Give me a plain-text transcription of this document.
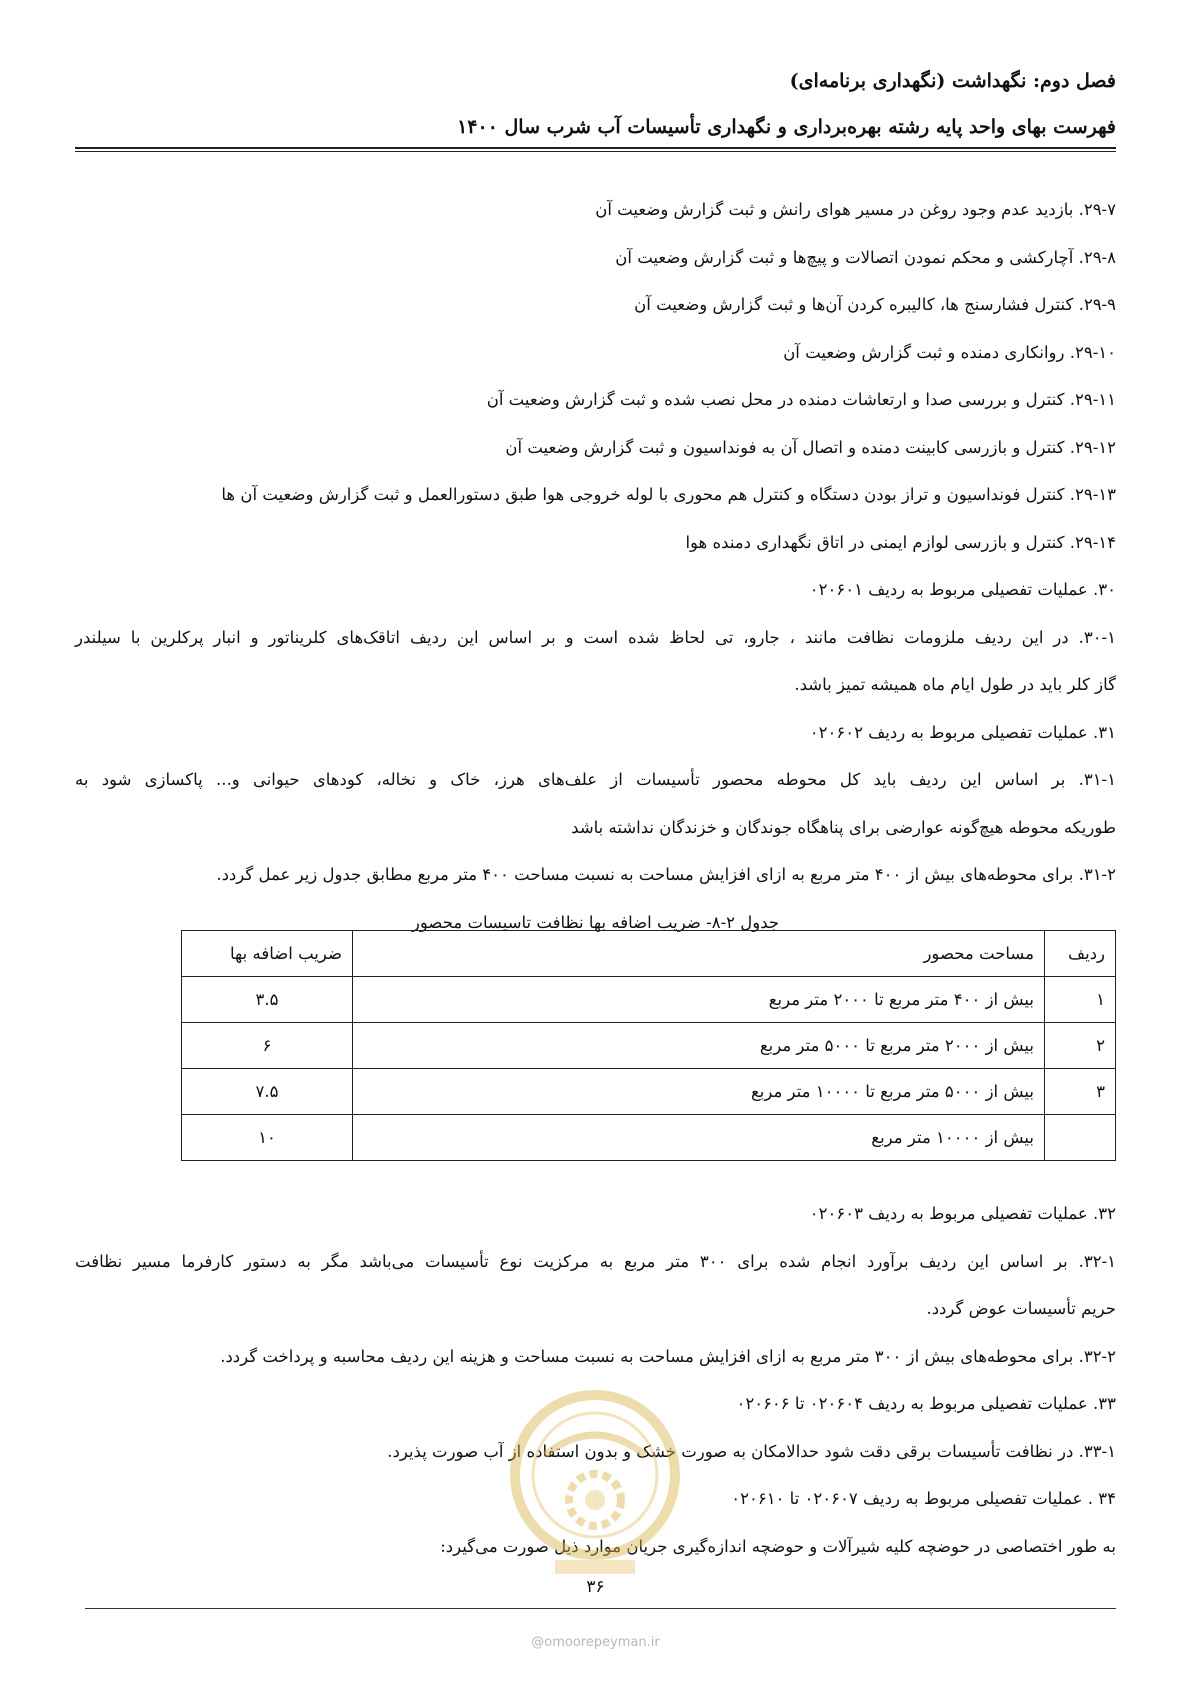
فصل دوم: نگهداشت (نگهداری برنامه‌ای)
فهرست بهای واحد پایه رشته بهره‌برداری و نگهداری تأسیسات آب شرب سال ۱۴۰۰
۲۹-۷. بازدید عدم وجود روغن در مسیر هوای رانش و ثبت گزارش وضعیت آن
۲۹-۸. آچارکشی و محکم نمودن اتصالات و پیچ‌ها و ثبت گزارش وضعیت آن
۲۹-۹. کنترل فشارسنج ها، کالیبره کردن آن‌ها و ثبت گزارش وضعیت آن
۲۹-۱۰. روانکاری دمنده و ثبت گزارش وضعیت آن
۲۹-۱۱. کنترل و بررسی صدا و ارتعاشات دمنده در محل نصب شده و ثبت گزارش وضعیت آن
۲۹-۱۲. کنترل و بازرسی کابینت دمنده و اتصال آن به فونداسیون و ثبت گزارش وضعیت آن
۲۹-۱۳. کنترل فونداسیون و تراز بودن دستگاه و کنترل هم محوری با لوله خروجی هوا طبق دستورالعمل و ثبت گزارش وضعیت آن ها
۲۹-۱۴. کنترل و بازرسی لوازم ایمنی در اتاق نگهداری دمنده هوا
۳۰. عملیات تفصیلی مربوط به ردیف ۰۲۰۶۰۱
۳۰-۱. در این ردیف ملزومات نظافت مانند ، جارو، تی لحاظ شده است و بر اساس این ردیف اتاقک‌های کلریناتور و انبار پرکلرین با سیلندر
گاز کلر باید در طول ایام ماه همیشه تمیز باشد.
۳۱. عملیات تفصیلی مربوط به ردیف ۰۲۰۶۰۲
۳۱-۱. بر اساس این ردیف باید کل محوطه محصور تأسیسات از علف‌های هرز، خاک و نخاله، کودهای حیوانی و... پاکسازی شود به
طوریکه محوطه هیچ‌گونه عوارضی برای پناهگاه جوندگان و خزندگان نداشته باشد
۳۱-۲. برای محوطه‌های بیش از ۴۰۰ متر مربع به ازای افزایش مساحت به نسبت مساحت ۴۰۰ متر مربع مطابق جدول زیر عمل گردد.
جدول ۲-۸- ضریب اضافه بها نظافت تاسیسات محصور
ردیف	مساحت محصور	ضریب اضافه بها
۱	بیش از ۴۰۰ متر مربع تا ۲۰۰۰ متر مربع	۳.۵
۲	بیش از ۲۰۰۰ متر مربع تا ۵۰۰۰ متر مربع	۶
۳	بیش از ۵۰۰۰ متر مربع تا ۱۰۰۰۰ متر مربع	۷.۵
	بیش از ۱۰۰۰۰ متر مربع	۱۰
۳۲. عملیات تفصیلی مربوط به ردیف ۰۲۰۶۰۳
۳۲-۱. بر اساس این ردیف برآورد انجام شده برای ۳۰۰ متر مربع به مرکزیت نوع تأسیسات می‌باشد مگر به دستور کارفرما مسیر نظافت
حریم تأسیسات عوض گردد.
۳۲-۲. برای محوطه‌های بیش از ۳۰۰ متر مربع به ازای افزایش مساحت به نسبت مساحت و هزینه این ردیف محاسبه و پرداخت گردد.
۳۳. عملیات تفصیلی مربوط به ردیف ۰۲۰۶۰۴ تا ۰۲۰۶۰۶
۳۳-۱. در نظافت تأسیسات برقی دقت شود حدالامکان به صورت خشک و بدون استفاده از آب صورت پذیرد.
۳۴ . عملیات تفصیلی مربوط به ردیف ۰۲۰۶۰۷ تا ۰۲۰۶۱۰
به طور اختصاصی در حوضچه کلیه شیرآلات و حوضچه اندازه‌گیری جریان موارد ذیل صورت می‌گیرد:
۳۶
@omoorepeyman.ir
